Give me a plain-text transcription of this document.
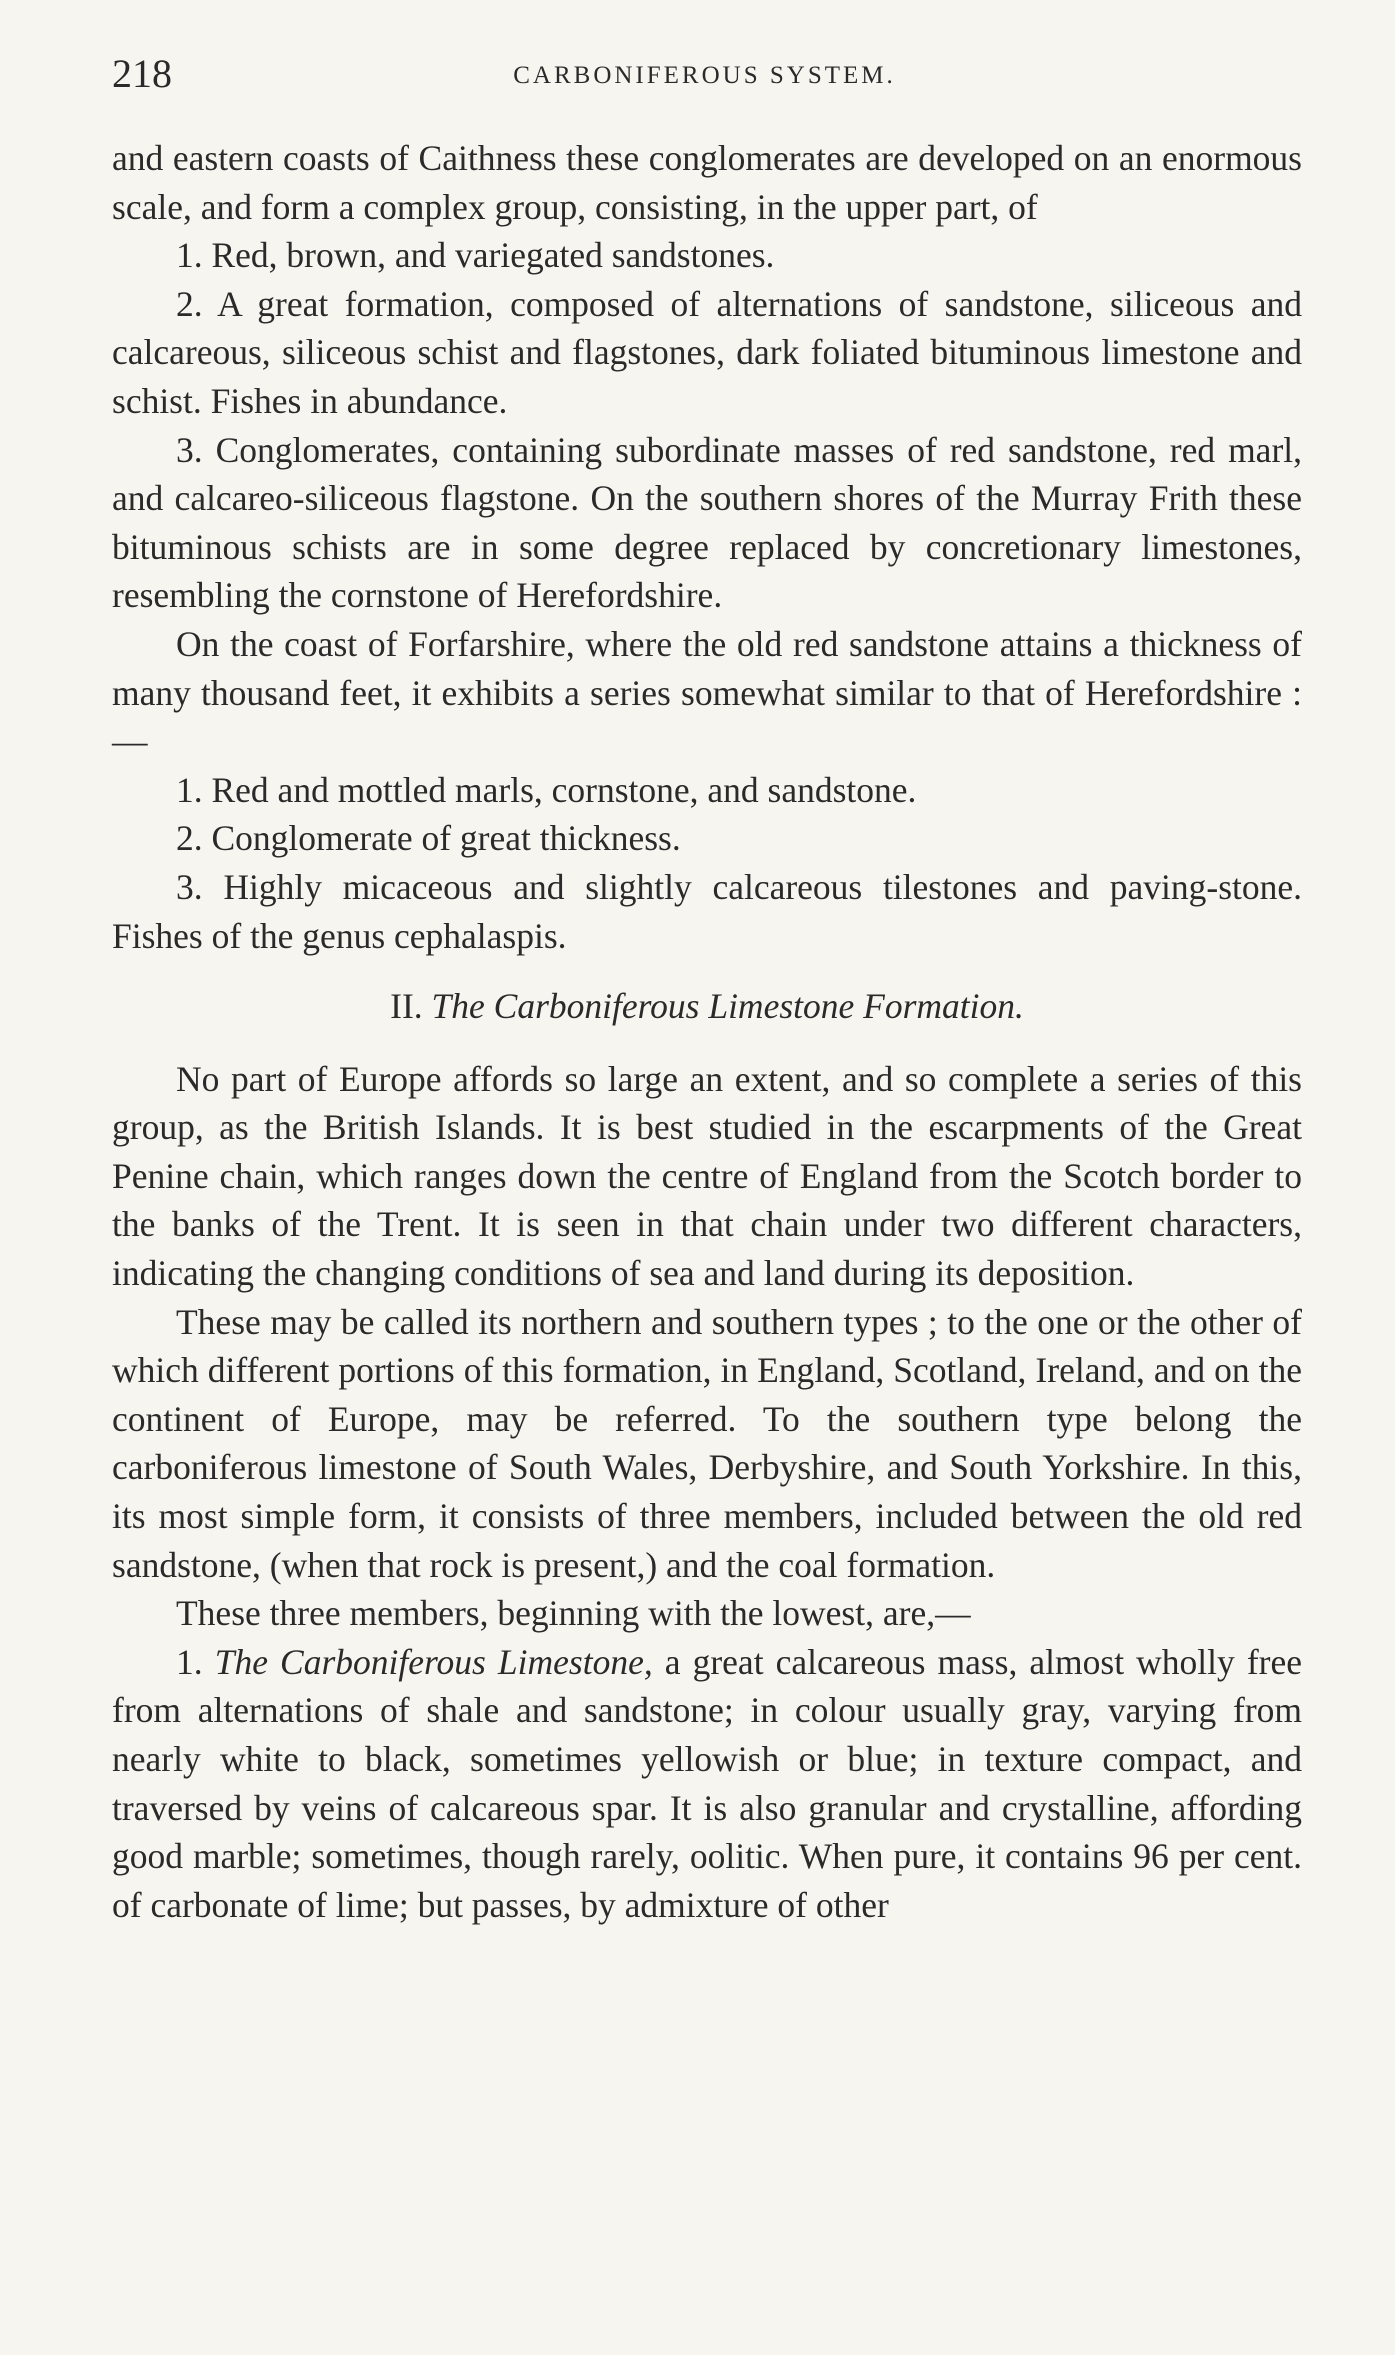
218	CARBONIFEROUS SYSTEM.

and eastern coasts of Caithness these conglomerates are developed on an enormous scale, and form a complex group, consisting, in the upper part, of

1. Red, brown, and variegated sandstones.

2. A great formation, composed of alternations of sandstone, siliceous and calcareous, siliceous schist and flagstones, dark foliated bituminous limestone and schist. Fishes in abundance.

3. Conglomerates, containing subordinate masses of red sandstone, red marl, and calcareo-siliceous flagstone. On the southern shores of the Murray Frith these bituminous schists are in some degree replaced by concretionary limestones, resembling the cornstone of Herefordshire.

On the coast of Forfarshire, where the old red sandstone attains a thickness of many thousand feet, it exhibits a series somewhat similar to that of Herefordshire :—

1. Red and mottled marls, cornstone, and sandstone.

2. Conglomerate of great thickness.

3. Highly micaceous and slightly calcareous tilestones and paving-stone. Fishes of the genus cephalaspis.

II. The Carboniferous Limestone Formation.

No part of Europe affords so large an extent, and so complete a series of this group, as the British Islands. It is best studied in the escarpments of the Great Penine chain, which ranges down the centre of England from the Scotch border to the banks of the Trent. It is seen in that chain under two different characters, indicating the changing conditions of sea and land during its deposition.

These may be called its northern and southern types ; to the one or the other of which different portions of this formation, in England, Scotland, Ireland, and on the continent of Europe, may be referred. To the southern type belong the carboniferous limestone of South Wales, Derbyshire, and South Yorkshire. In this, its most simple form, it consists of three members, included between the old red sandstone, (when that rock is present,) and the coal formation.

These three members, beginning with the lowest, are,—

1. The Carboniferous Limestone, a great calcareous mass, almost wholly free from alternations of shale and sandstone; in colour usually gray, varying from nearly white to black, sometimes yellowish or blue; in texture compact, and traversed by veins of calcareous spar. It is also granular and crystalline, affording good marble; sometimes, though rarely, oolitic. When pure, it contains 96 per cent. of carbonate of lime; but passes, by admixture of other
